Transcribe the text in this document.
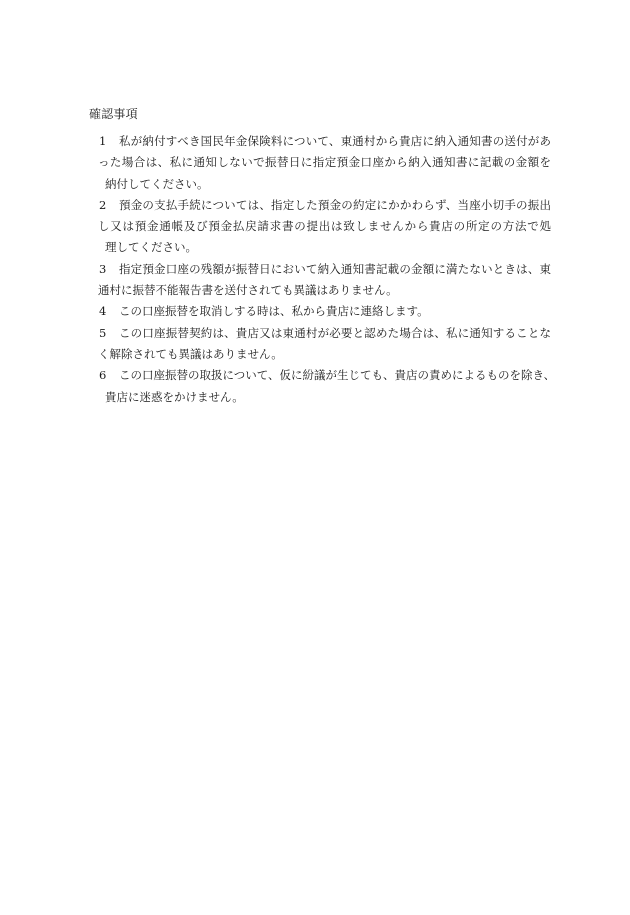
確認事項
1	私が納付すべき国民年金保険料について、東通村から貴店に納入通知書の送付があ
った場合は、私に通知しないで振替日に指定預金口座から納入通知書に記載の金額を
納付してください。
2	預金の支払手続については、指定した預金の約定にかかわらず、当座小切手の振出
し又は預金通帳及び預金払戻請求書の提出は致しませんから貴店の所定の方法で処
理してください。
3	指定預金口座の残額が振替日において納入通知書記載の金額に満たないときは、東
通村に振替不能報告書を送付されても異議はありません。
4	この口座振替を取消しする時は、私から貴店に連絡します。
5	この口座振替契約は、貴店又は東通村が必要と認めた場合は、私に通知することな
く解除されても異議はありません。
6	この口座振替の取扱について、仮に紛議が生じても、貴店の責めによるものを除き、
貴店に迷惑をかけません。
